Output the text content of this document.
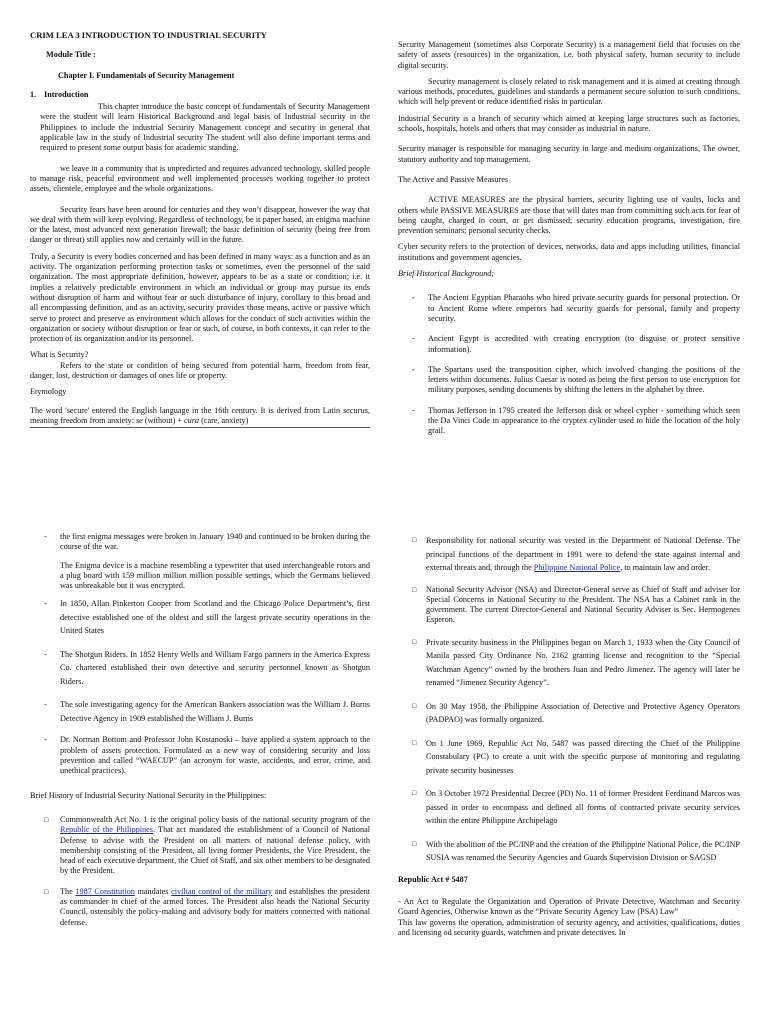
CRIM LEA 3 INTRODUCTION TO INDUSTRIAL SECURITY
Module Title :
Chapter I. Fundamentals of Security Management
1. Introduction

This chapter introduce the basic concept of fundamentals of Security Management were the student will learn Historical Background and legal basis of Industrial security in the Philippines to include the industrial Security Management concept and security in general that applicable law in the study of Industrial security The student will also define important terms and required to present some output basis for academic standing.

we leave in a community that is unpredicted and requires advanced technology, skilled people to manage risk, peaceful environment and well implemented processes working together to protect assets, clientele, employee and the whole organizations.

Security fears have been around for centuries and they won’t disappear, however the way that we deal with them will keep evolving. Regardless of technology, be it paper based, an enigma machine or the latest, most advanced next generation firewall; the basic definition of security (being free from danger or threat) still applies now and certainly will in the future.

Truly, a Security is every bodies concerned and has been defined in many ways: as a function and as an activity. The organization performing protection tasks or sometimes, even the personnel of the said organization. The most appropriate definition, however, appears to be as a state or condition; i.e. it implies a relatively predictable environment in which an individual or group may pursue its ends without disruption of harm and without fear or such disturbance of injury, corollary to this broad and all encompassing definition, and as an activity, security provides those means, active or passive which serve to protect and preserve as environment which allows for the conduct of such activities within the organization or society without disruption or fear or such, of course, in both contexts, it can refer to the protection of its organization and/or its personnel.

What is Security?

Refers to the state or condition of being secured from potential harm, freedom from fear, danger, lost, destruction or damages of ones life or property.

Etymology

The word 'secure' entered the English language in the 16th century. It is derived from Latin securus, meaning freedom from anxiety: se (without) + cura (care, anxiety)

Security Management (sometimes also Corporate Security) is a management field that focuses on the safety of assets (resources) in the organization, i.e. both physical safety, human security to include digital security.

Security management is closely related to risk management and it is aimed at creating through various methods, procedures, guidelines and standards a permanent secure solution to such conditions, which will help prevent or reduce identified risks in particular.

Industrial Security is a branch of security which aimed at keeping large structures such as factories, schools, hospitals, hotels and others that may consider as industrial in nature.

Security manager is responsible for managing security in large and medium organizations, The owner, statutory authority and top management.

The Active and Passive Measures

ACTIVE MEASURES are the physical barriers, security lighting use of vaults, locks and others while PASSIVE MEASURES are those that will dates man from committing such acts for fear of being caught, charged in court, or get dismissed; security education programs, investigation, fire prevention seminars; personal security checks.

Cyber security refers to the protection of devices, networks, data and apps including utilities, financial institutions and government agencies.

Brief Historical Background;

- The Ancient Egyptian Pharaohs who hired private security guards for personal protection. Or to Ancient Rome where emperors had security guards for personal, family and property security.
- Ancient Egypt is accredited with creating encryption (to disguise or protect sensitive information).
- The Spartans used the transposition cipher, which involved changing the positions of the letters within documents. Julius Caesar is noted as being the first person to use encryption for military purposes, sending documents by shifting the letters in the alphabet by three.
- Thomas Jefferson in 1795 created the Jefferson disk or wheel cypher - something which seen the Da Vinci Code in appearance to the cryptex cylinder used to hide the location of the holy grail.
- the first enigma messages were broken in January 1940 and continued to be broken during the course of the war.
The Enigma device is a machine resembling a typewriter that used interchangeable rotors and a plug board with 159 million million million possible settings, which the Germans believed was unbreakable but it was encrypted.
- In 1850, Allan Pinkerton Cooper from Scotland and the Chicago Police Department’s, first detective established one of the oldest and still the largest private security operations in the United States
- The Shotgun Riders. In 1852 Henry Wells and William Fargo partners in the America Express Co. chartered established their own detective and security personnel known as Shotgun Riders.
- The sole investigating agency for the American Bankers association was the William J. Burns Detective Agency in 1909 established the William J. Burns
- Dr. Norman Bottom and Professor John Kostanoski – have applied a system approach to the problem of assets protection. Formulated as a new way of considering security and loss prevention and called “WAECUP” (an acronym for waste, accidents, and error, crime, and unethical practices).

Brief History of Industrial Security National Security in the Philippines:

□ Commonwealth Act No. 1 is the original policy basis of the national security program of the Republic of the Philippines. That act mandated the establishment of a Council of National Defense to advise with the President on all matters of national defense policy, with membership consisting of the President, all living former Presidents, the Vice President, the head of each executive department, the Chief of Staff, and six other members to be designated by the President.
□ The 1987 Constitution mandates civilian control of the military and establishes the president as commander in chief of the armed forces. The President also heads the National Security Council, ostensibly the policy-making and advisory body for matters connected with national defense.
□ Responsibility for national security was vested in the Department of National Defense. The principal functions of the department in 1991 were to defend the state against internal and external threats and, through the Philippine National Police, to maintain law and order.
□ National Security Advisor (NSA) and Director-General serve as Chief of Staff and adviser for Special Concerns in National Security to the President. The NSA has a Cabinet rank in the government. The current Director-General and National Security Adviser is Sec. Hermogenes Esperon.
□ Private security business in the Philippines began on March 1, 1933 when the City Council of Manila passed City Ordinance No. 2162 granting license and recognition to the “Special Watchman Agency” owned by the brothers Juan and Pedro Jimenez. The agency will later be renamed “Jimenez Security Agency”.
□ On 30 May 1958, the Philippine Association of Detective and Protective Agency Operators (PADPAO) was formally organized.
□ On 1 June 1969, Republic Act No. 5487 was passed directing the Chief of the Philippine Constabulary (PC) to create a unit with the specific purpose of monitoring and regulating private security businesses
□ On 3 October 1972 Presidential Decree (PD) No. 11 of former President Ferdinand Marcos was passed in order to encompass and defined all forms of contracted private security services within the entire Philippine Archipelago
□ With the abolition of the PC/INP and the creation of the Philippine National Police, the PC/INP SUSIA was renamed the Security Agencies and Guards Supervision Division or SAGSD

Republic Act # 5487

- An Act to Regulate the Organization and Operation of Private Detective, Watchman and Security Guard Agencies, Otherwise known as the “Private Security Agency Law (PSA) Law”

This law governs the operation, administration of security agency, and activities, qualifications, duties and licensing od security guards, watchmen and private detectives. In
